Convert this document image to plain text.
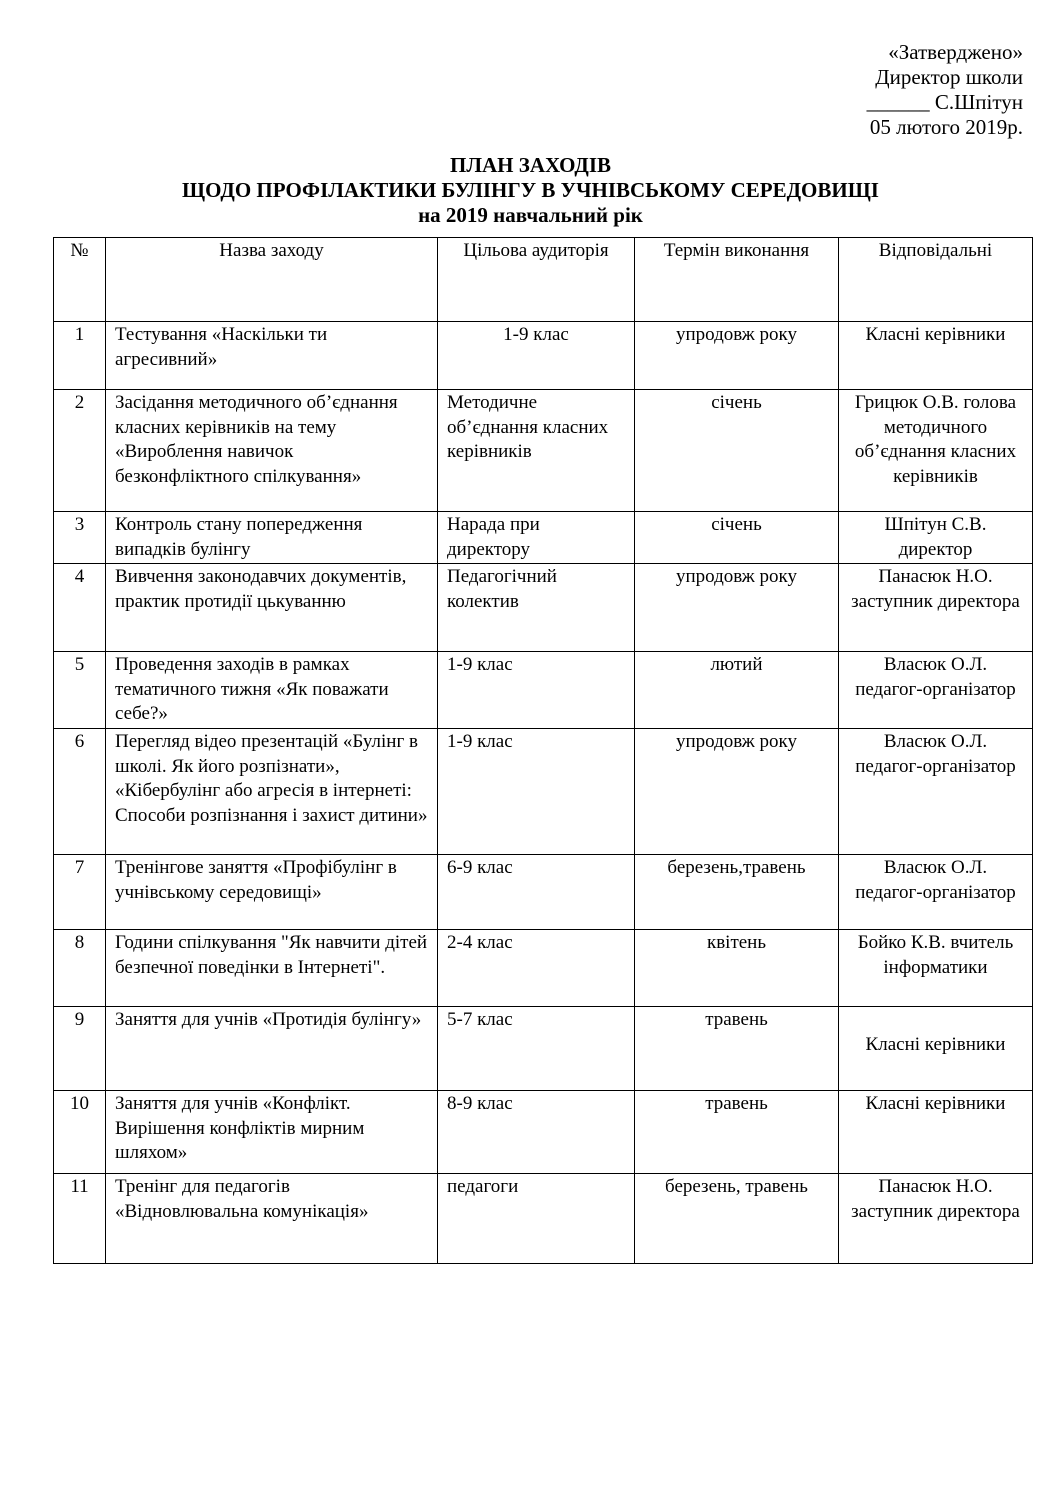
«Затверджено»
Директор школи
______ С.Шпітун
05 лютого 2019р.
ПЛАН ЗАХОДІВ
ЩОДО ПРОФІЛАКТИКИ БУЛІНГУ В УЧНІВСЬКОМУ СЕРЕДОВИЩІ
на 2019 навчальний рік
№	Назва заходу	Цільова аудиторія	Термін виконання	Відповідальні
1	Тестування «Наскільки ти агресивний»	1-9 клас	упродовж року	Класні керівники
2	Засідання методичного об’єднання класних керівників на тему «Вироблення навичок безконфліктного спілкування»	Методичне об’єднання класних керівників	січень	Грицюк О.В. голова методичного об’єднання класних керівників
3	Контроль стану попередження випадків булінгу	Нарада при директору	січень	Шпітун С.В. директор
4	Вивчення законодавчих документів, практик протидії цькуванню	Педагогічний колектив	упродовж року	Панасюк Н.О. заступник директора
5	Проведення заходів в рамках тематичного тижня «Як поважати себе?»	1-9 клас	лютий	Власюк О.Л. педагог-організатор
6	Перегляд відео презентацій «Булінг в школі. Як його розпізнати», «Кібербулінг або агресія в інтернеті: Способи розпізнання і захист дитини»	1-9 клас	упродовж року	Власюк О.Л. педагог-організатор
7	Тренінгове заняття «Профібулінг в учнівському середовищі»	6-9 клас	березень,травень	Власюк О.Л. педагог-організатор
8	Години спілкування "Як навчити дітей безпечної поведінки в Інтернеті".	2-4 клас	квітень	Бойко К.В. вчитель інформатики
9	Заняття для учнів «Протидія булінгу»	5-7 клас	травень	Класні керівники
10	Заняття для учнів «Конфлікт. Вирішення конфліктів мирним шляхом»	8-9 клас	травень	Класні керівники
11	Тренінг для педагогів «Відновлювальна комунікація»	педагоги	березень, травень	Панасюк Н.О. заступник директора
